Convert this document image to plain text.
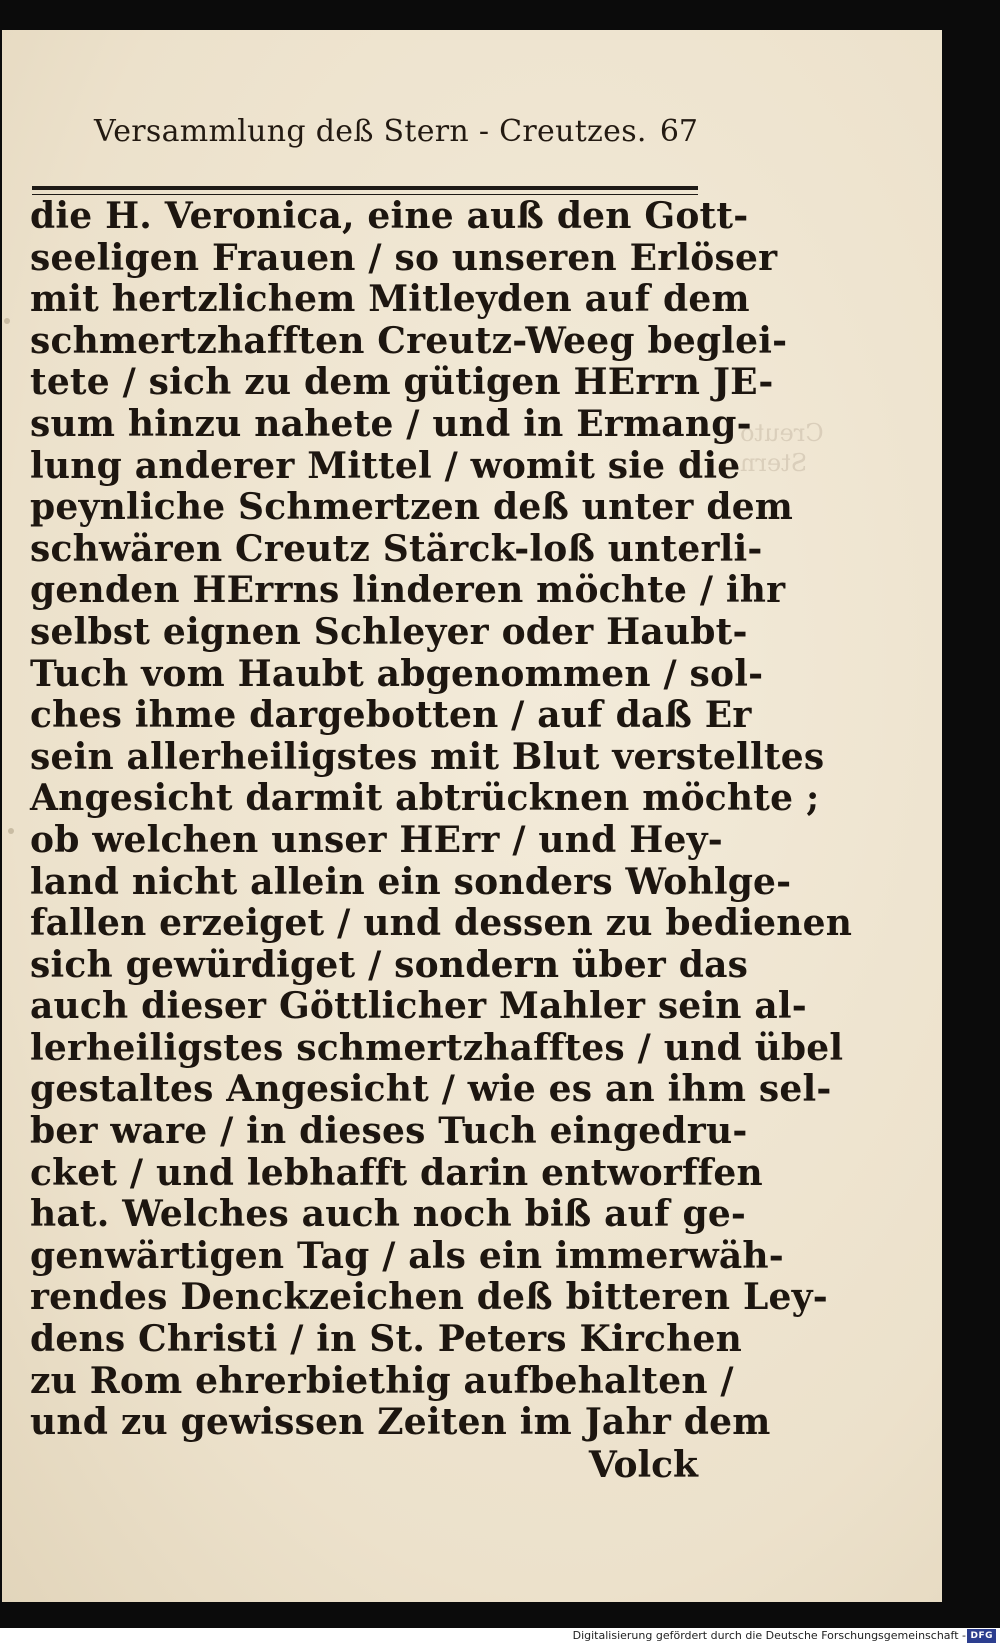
Versammlung deß Stern - Creutzes. 67
die H. Veronica, eine auß den Gott-
seeligen Frauen / so unseren Erlöser
mit hertzlichem Mitleyden auf dem
schmertzhafften Creutz-Weeg beglei-
tete / sich zu dem gütigen HErrn JE-
sum hinzu nahete / und in Ermang-
lung anderer Mittel / womit sie die
peynliche Schmertzen deß unter dem
schwären Creutz Stärck-loß unterli-
genden HErrns linderen möchte / ihr
selbst eignen Schleyer oder Haubt-
Tuch vom Haubt abgenommen / sol-
ches ihme dargebotten / auf daß Er
sein allerheiligstes mit Blut verstelltes
Angesicht darmit abtrücknen möchte ;
ob welchen unser HErr / und Hey-
land nicht allein ein sonders Wohlge-
fallen erzeiget / und dessen zu bedienen
sich gewürdiget / sondern über das
auch dieser Göttlicher Mahler sein al-
lerheiligstes schmertzhafftes / und übel
gestaltes Angesicht / wie es an ihm sel-
ber ware / in dieses Tuch eingedru-
cket / und lebhafft darin entworffen
hat. Welches auch noch biß auf ge-
genwärtigen Tag / als ein immerwäh-
rendes Denckzeichen deß bitteren Ley-
dens Christi / in St. Peters Kirchen
zu Rom ehrerbiethig aufbehalten /
und zu gewissen Zeiten im Jahr dem
Volck
Creuto
Stern
Digitalisierung gefördert durch die Deutsche Forschungsgemeinschaft - DFG
